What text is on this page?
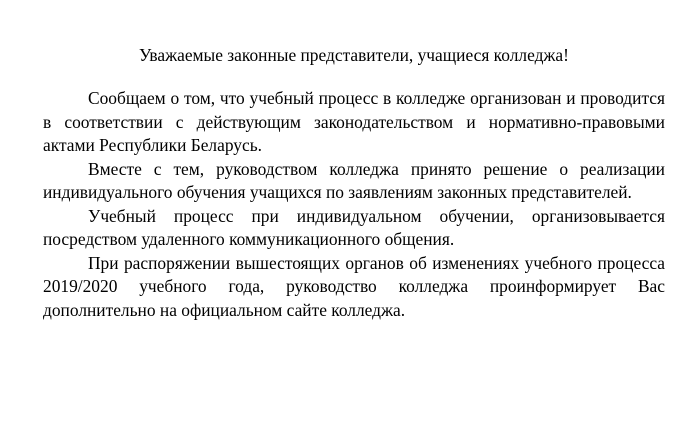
Уважаемые законные представители, учащиеся колледжа!

Сообщаем о том, что учебный процесс в колледже организован и проводится в соответствии с действующим законодательством и нормативно-правовыми актами Республики Беларусь.

Вместе с тем, руководством колледжа принято решение о реализации индивидуального обучения учащихся по заявлениям законных представителей.

Учебный процесс при индивидуальном обучении, организовывается посредством удаленного коммуникационного общения.

При распоряжении вышестоящих органов об изменениях учебного процесса 2019/2020 учебного года, руководство колледжа проинформирует Вас дополнительно на официальном сайте колледжа.
